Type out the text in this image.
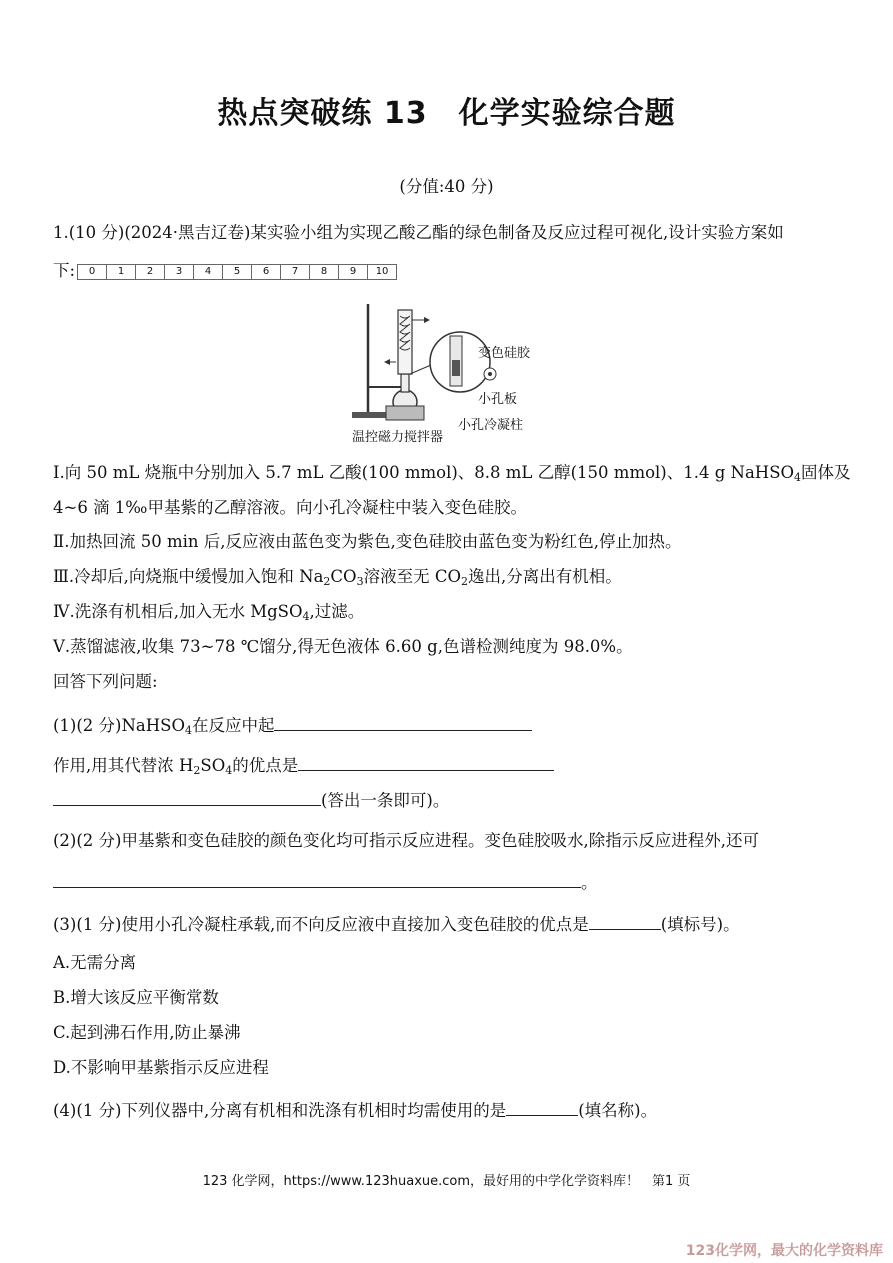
热点突破练 13　化学实验综合题
(分值:40 分)
1.(10 分)(2024·黑吉辽卷)某实验小组为实现乙酸乙酯的绿色制备及反应过程可视化,设计实验方案如
下:	0	1	2	3	4	5	6	7	8	9	10
变色硅胶
小孔板
温控磁力搅拌器
小孔冷凝柱
Ⅰ.向 50 mL 烧瓶中分别加入 5.7 mL 乙酸(100 mmol)、8.8 mL 乙醇(150 mmol)、1.4 g NaHSO$_4$固体及
4~6 滴 1‰甲基紫的乙醇溶液。向小孔冷凝柱中装入变色硅胶。
Ⅱ.加热回流 50 min 后,反应液由蓝色变为紫色,变色硅胶由蓝色变为粉红色,停止加热。
Ⅲ.冷却后,向烧瓶中缓慢加入饱和 $Na_2CO_3$溶液至无 $CO_2$逸出,分离出有机相。
Ⅳ.洗涤有机相后,加入无水 MgSO$_4$,过滤。
Ⅴ.蒸馏滤液,收集 73~78 ℃馏分,得无色液体 6.60 g,色谱检测纯度为 98.0%。
回答下列问题:
(1)(2 分)NaHSO$_4$在反应中起
作用,用其代替浓 $H_2SO_4$的优点是
(答出一条即可)。
(2)(2 分)甲基紫和变色硅胶的颜色变化均可指示反应进程。变色硅胶吸水,除指示反应进程外,还可
。
(3)(1 分)使用小孔冷凝柱承载,而不向反应液中直接加入变色硅胶的优点是	(填标号)。
A.无需分离
B.增大该反应平衡常数
C.起到沸石作用,防止暴沸
D.不影响甲基紫指示反应进程
(4)(1 分)下列仪器中,分离有机相和洗涤有机相时均需使用的是	(填名称)。
123 化学网，https://www.123huaxue.com，最好用的中学化学资料库！　第1 页
123化学网，最大的化学资料库
